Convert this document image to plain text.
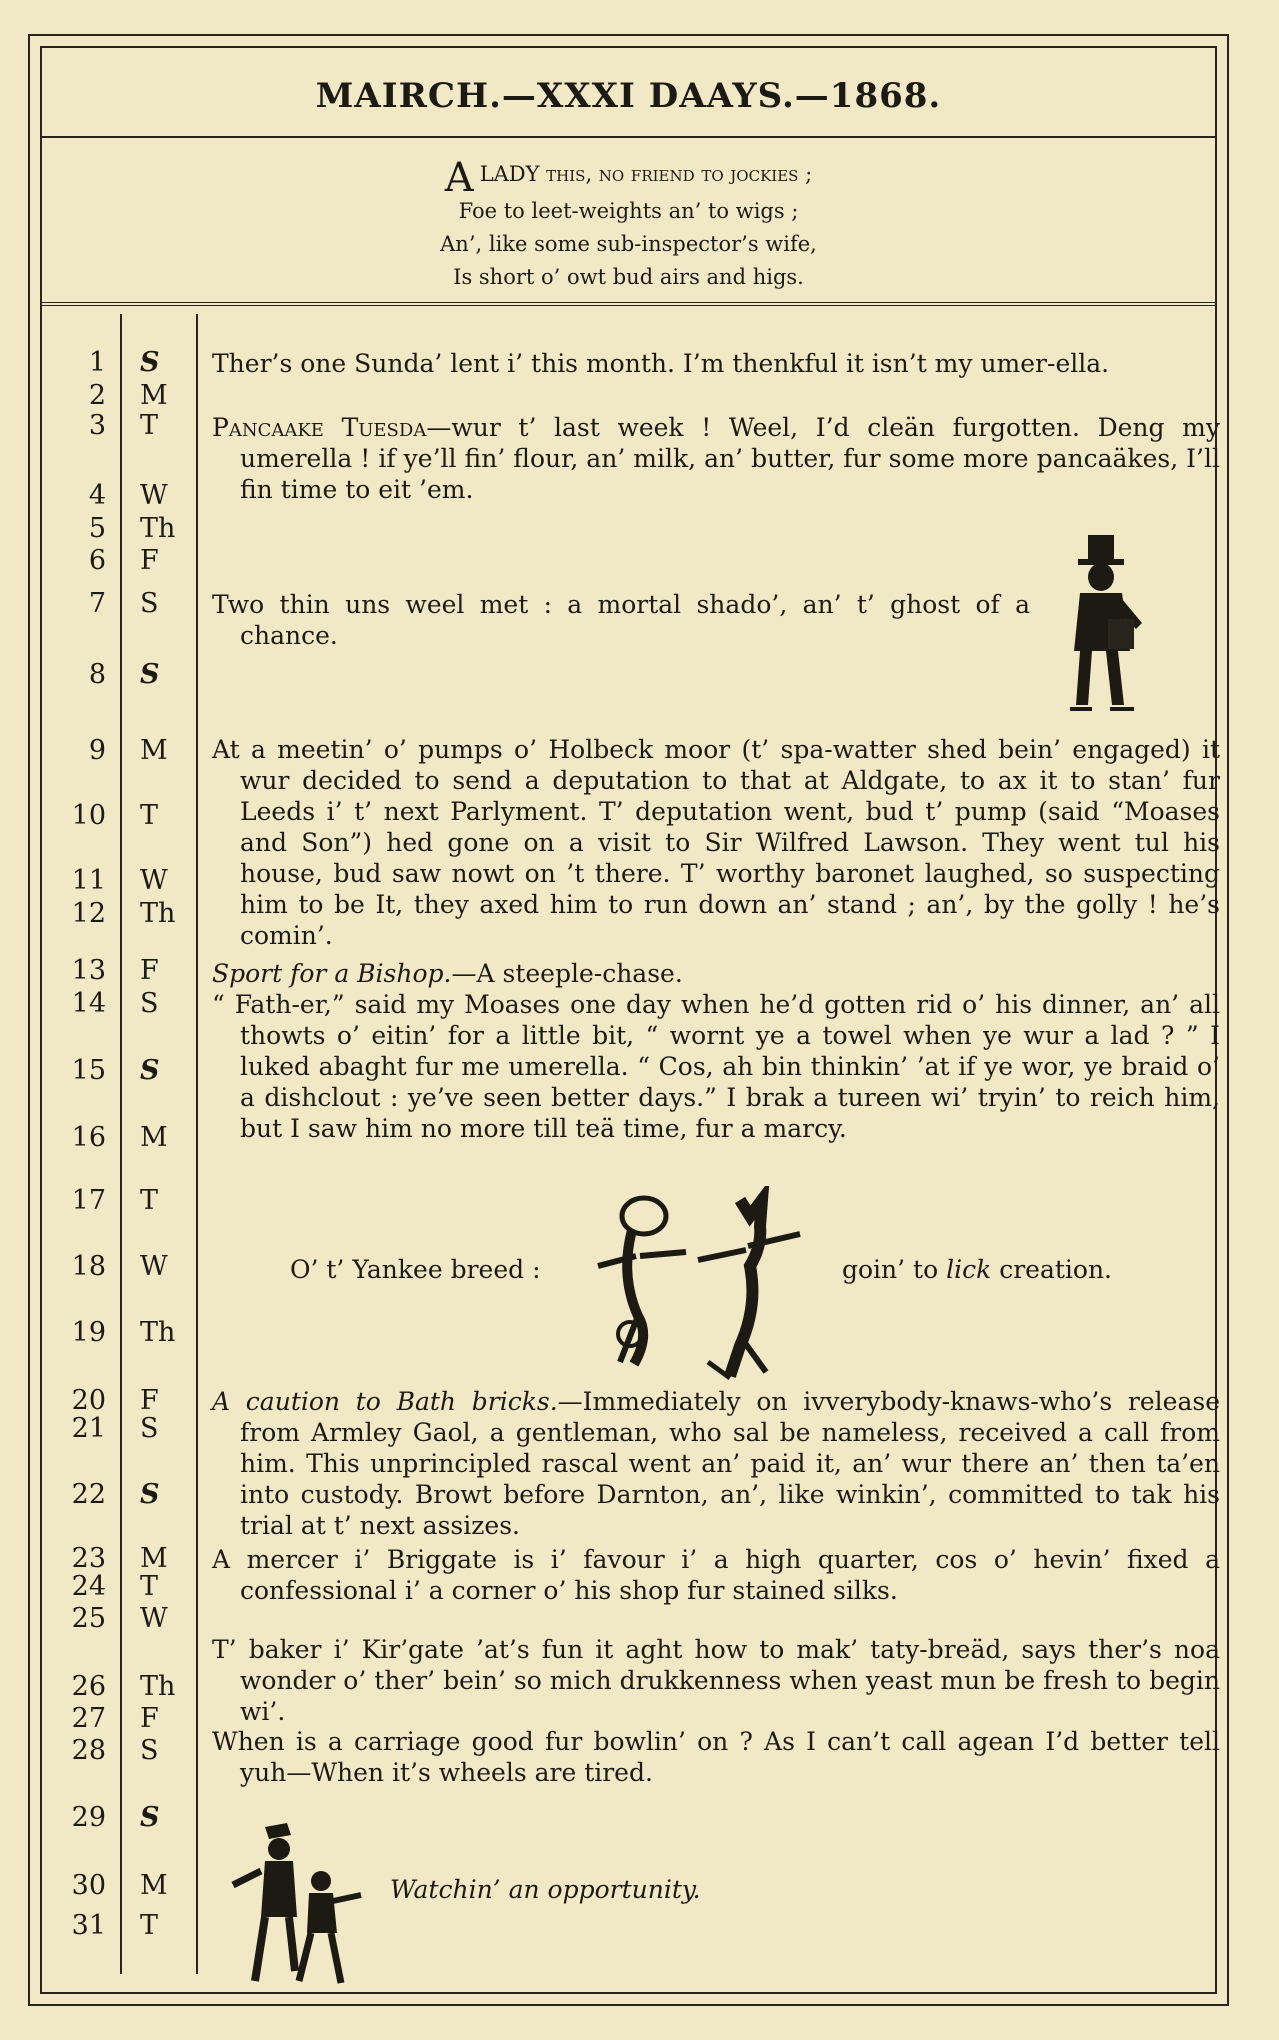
MAIRCH.—XXXI DAAYS.—1868.
ALADY this, no friend to jockies ;
Foe to leet-weights an’ to wigs ;
An’, like some sub-inspector’s wife,
Is short o’ owt bud airs and higs.
1 S
2 M
3 T
4 W
5 Th
6 F
7 S
8 S
9 M
10 T
11 W
12 Th
13 F
14 S
15 S
16 M
17 T
18 W
19 Th
20 F
21 S
22 S
23 M
24 T
25 W
26 Th
27 F
28 S
29 S
30 M
31 T
Ther’s one Sunda’ lent i’ this month. I’m thenkful it isn’t my umer-ella.
Pancaake Tuesda—wur t’ last week ! Weel, I’d cleän furgotten. Deng my umerella ! if ye’ll fin’ flour, an’ milk, an’ butter, fur some more pancaäkes, I’ll fin time to eit ’em.
Two thin uns weel met : a mortal shado’, an’ t’ ghost of a chance.
At a meetin’ o’ pumps o’ Holbeck moor (t’ spa-watter shed bein’ engaged) it wur decided to send a deputation to that at Aldgate, to ax it to stan’ fur Leeds i’ t’ next Parlyment. T’ deputation went, bud t’ pump (said “Moases and Son”) hed gone on a visit to Sir Wilfred Lawson. They went tul his house, bud saw nowt on ’t there. T’ worthy baronet laughed, so suspecting him to be It, they axed him to run down an’ stand ; an’, by the golly ! he’s comin’.
Sport for a Bishop.—A steeple-chase.
“ Fath-er,” said my Moases one day when he’d gotten rid o’ his dinner, an’ all thowts o’ eitin’ for a little bit, “ wornt ye a towel when ye wur a lad ? ” I luked abaght fur me umerella. “ Cos, ah bin thinkin’ ’at if ye wor, ye braid o’ a dishclout : ye’ve seen better days.” I brak a tureen wi’ tryin’ to reich him, but I saw him no more till teä time, fur a marcy.
O’ t’ Yankee breed :	goin’ to lick creation.
A caution to Bath bricks.—Immediately on ivverybody-knaws-who’s release from Armley Gaol, a gentleman, who sal be nameless, received a call from him. This unprincipled rascal went an’ paid it, an’ wur there an’ then ta’en into custody. Browt before Darnton, an’, like winkin’, committed to tak his trial at t’ next assizes.
A mercer i’ Briggate is i’ favour i’ a high quarter, cos o’ hevin’ fixed a confessional i’ a corner o’ his shop fur stained silks.
T’ baker i’ Kir’gate ’at’s fun it aght how to mak’ taty-breäd, says ther’s noa wonder o’ ther’ bein’ so mich drukkenness when yeast mun be fresh to begin wi’.
When is a carriage good fur bowlin’ on ? As I can’t call agean I’d better tell yuh—When it’s wheels are tired.
Watchin’ an opportunity.
